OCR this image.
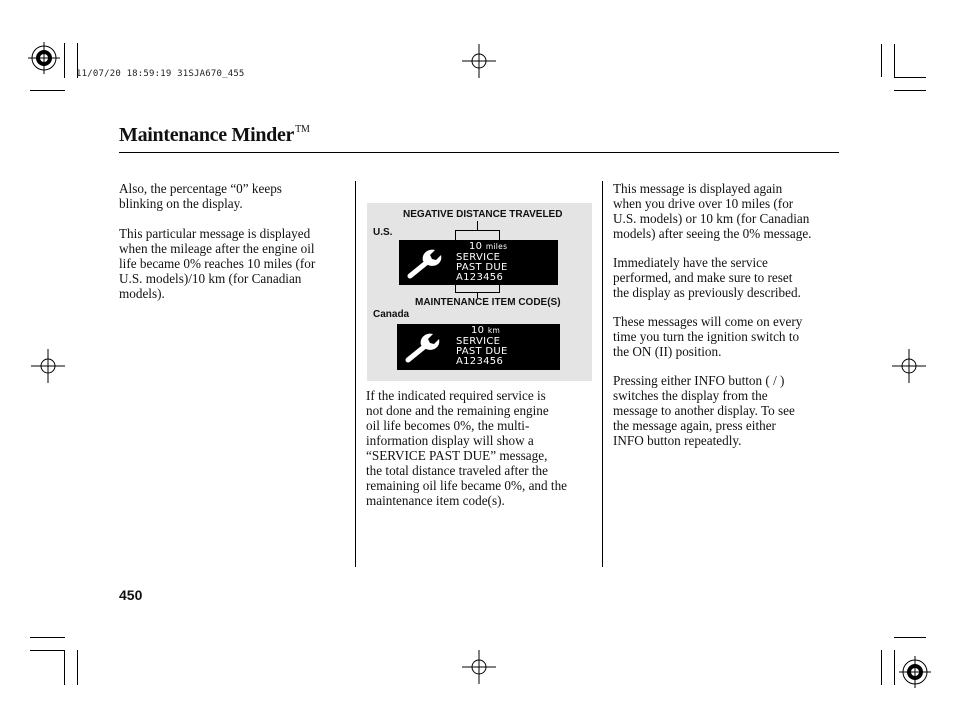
11/07/20 18:59:19 31SJA670_455
Maintenance Minder™

Also, the percentage “0” keeps
blinking on the display.

This particular message is displayed
when the mileage after the engine oil
life became 0% reaches 10 miles (for
U.S. models)/10 km (for Canadian
models).

NEGATIVE DISTANCE TRAVELED
U.S.
10 miles
SERVICE
PAST DUE
A123456
MAINTENANCE ITEM CODE(S)
Canada
10 km
SERVICE
PAST DUE
A123456

If the indicated required service is
not done and the remaining engine
oil life becomes 0%, the multi-
information display will show a
“SERVICE PAST DUE” message,
the total distance traveled after the
remaining oil life became 0%, and the
maintenance item code(s).

This message is displayed again
when you drive over 10 miles (for
U.S. models) or 10 km (for Canadian
models) after seeing the 0% message.

Immediately have the service
performed, and make sure to reset
the display as previously described.

These messages will come on every
time you turn the ignition switch to
the ON (II) position.

Pressing either INFO button ( / )
switches the display from the
message to another display. To see
the message again, press either
INFO button repeatedly.

450
